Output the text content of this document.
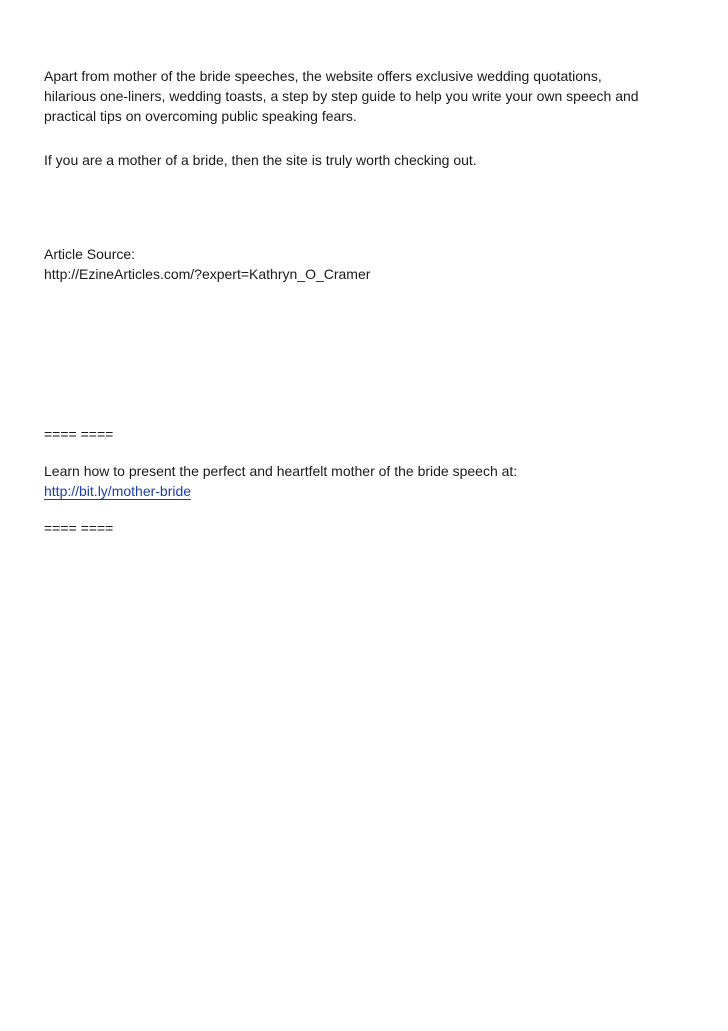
Apart from mother of the bride speeches, the website offers exclusive wedding quotations,
hilarious one-liners, wedding toasts, a step by step guide to help you write your own speech and
practical tips on overcoming public speaking fears.

If you are a mother of a bride, then the site is truly worth checking out.

Article Source:
http://EzineArticles.com/?expert=Kathryn_O_Cramer

==== ====

Learn how to present the perfect and heartfelt mother of the bride speech at:
http://bit.ly/mother-bride

==== ====
